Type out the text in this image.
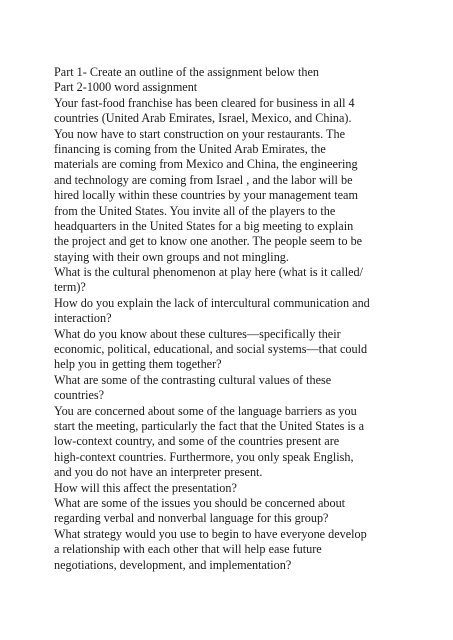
Part 1- Create an outline of the assignment below then
Part 2-1000 word assignment
Your fast-food franchise has been cleared for business in all 4
countries (United Arab Emirates, Israel, Mexico, and China).
You now have to start construction on your restaurants. The
financing is coming from the United Arab Emirates, the
materials are coming from Mexico and China, the engineering
and technology are coming from Israel , and the labor will be
hired locally within these countries by your management team
from the United States. You invite all of the players to the
headquarters in the United States for a big meeting to explain
the project and get to know one another. The people seem to be
staying with their own groups and not mingling.
What is the cultural phenomenon at play here (what is it called/
term)?
How do you explain the lack of intercultural communication and
interaction?
What do you know about these cultures—specifically their
economic, political, educational, and social systems—that could
help you in getting them together?
What are some of the contrasting cultural values of these
countries?
You are concerned about some of the language barriers as you
start the meeting, particularly the fact that the United States is a
low-context country, and some of the countries present are
high-context countries. Furthermore, you only speak English,
and you do not have an interpreter present.
How will this affect the presentation?
What are some of the issues you should be concerned about
regarding verbal and nonverbal language for this group?
What strategy would you use to begin to have everyone develop
a relationship with each other that will help ease future
negotiations, development, and implementation?
